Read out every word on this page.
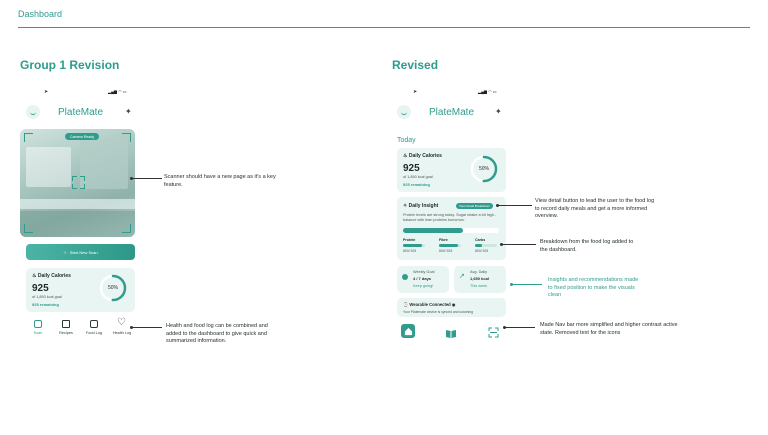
Dashboard
Group 1 Revision
➤	▂▄▆ ◠ ▭
PlateMate	✦
Camera Ready
⊹ Start New Scan
♨ Daily Calories
925
of 1,850 kcal goal
925 remaining
50%
Scan	Recipes	Food Log
♡
Health Log
Scanner should have a new page as it's a key feature.
Health and food log can be combined and added to the dashboard to give quick and summarized information.
Revised
➤	▂▄▆ ◠ ▭
PlateMate	✦
Today
♨ Daily Calories
925
of 1,850 kcal goal
925 remaining
50%
✧ Daily Insight	View Detail Breakdown
Protein levels are strong today. Sugar intake a bit high - balance with lean proteins tomorrow.
Protein
800/ 925
Fibre
800/ 925
Carbs
800/ 925
Weekly Goal
4 / 7 days
Keep going!
↗
Avg. Daily
1,650 kcal
This week
⌚ Wearable Connected ◉
Your Platemate device is synced and scanning
View detail button to lead the user to the food log to record daily meals and get a more informed overview.
Breakdown from the food log added to the dashboard.
Insights and recommendations made to fixed position to make the visuals clean
Made Nav bar more simplified and higher contrast active state. Removed text for the icons
